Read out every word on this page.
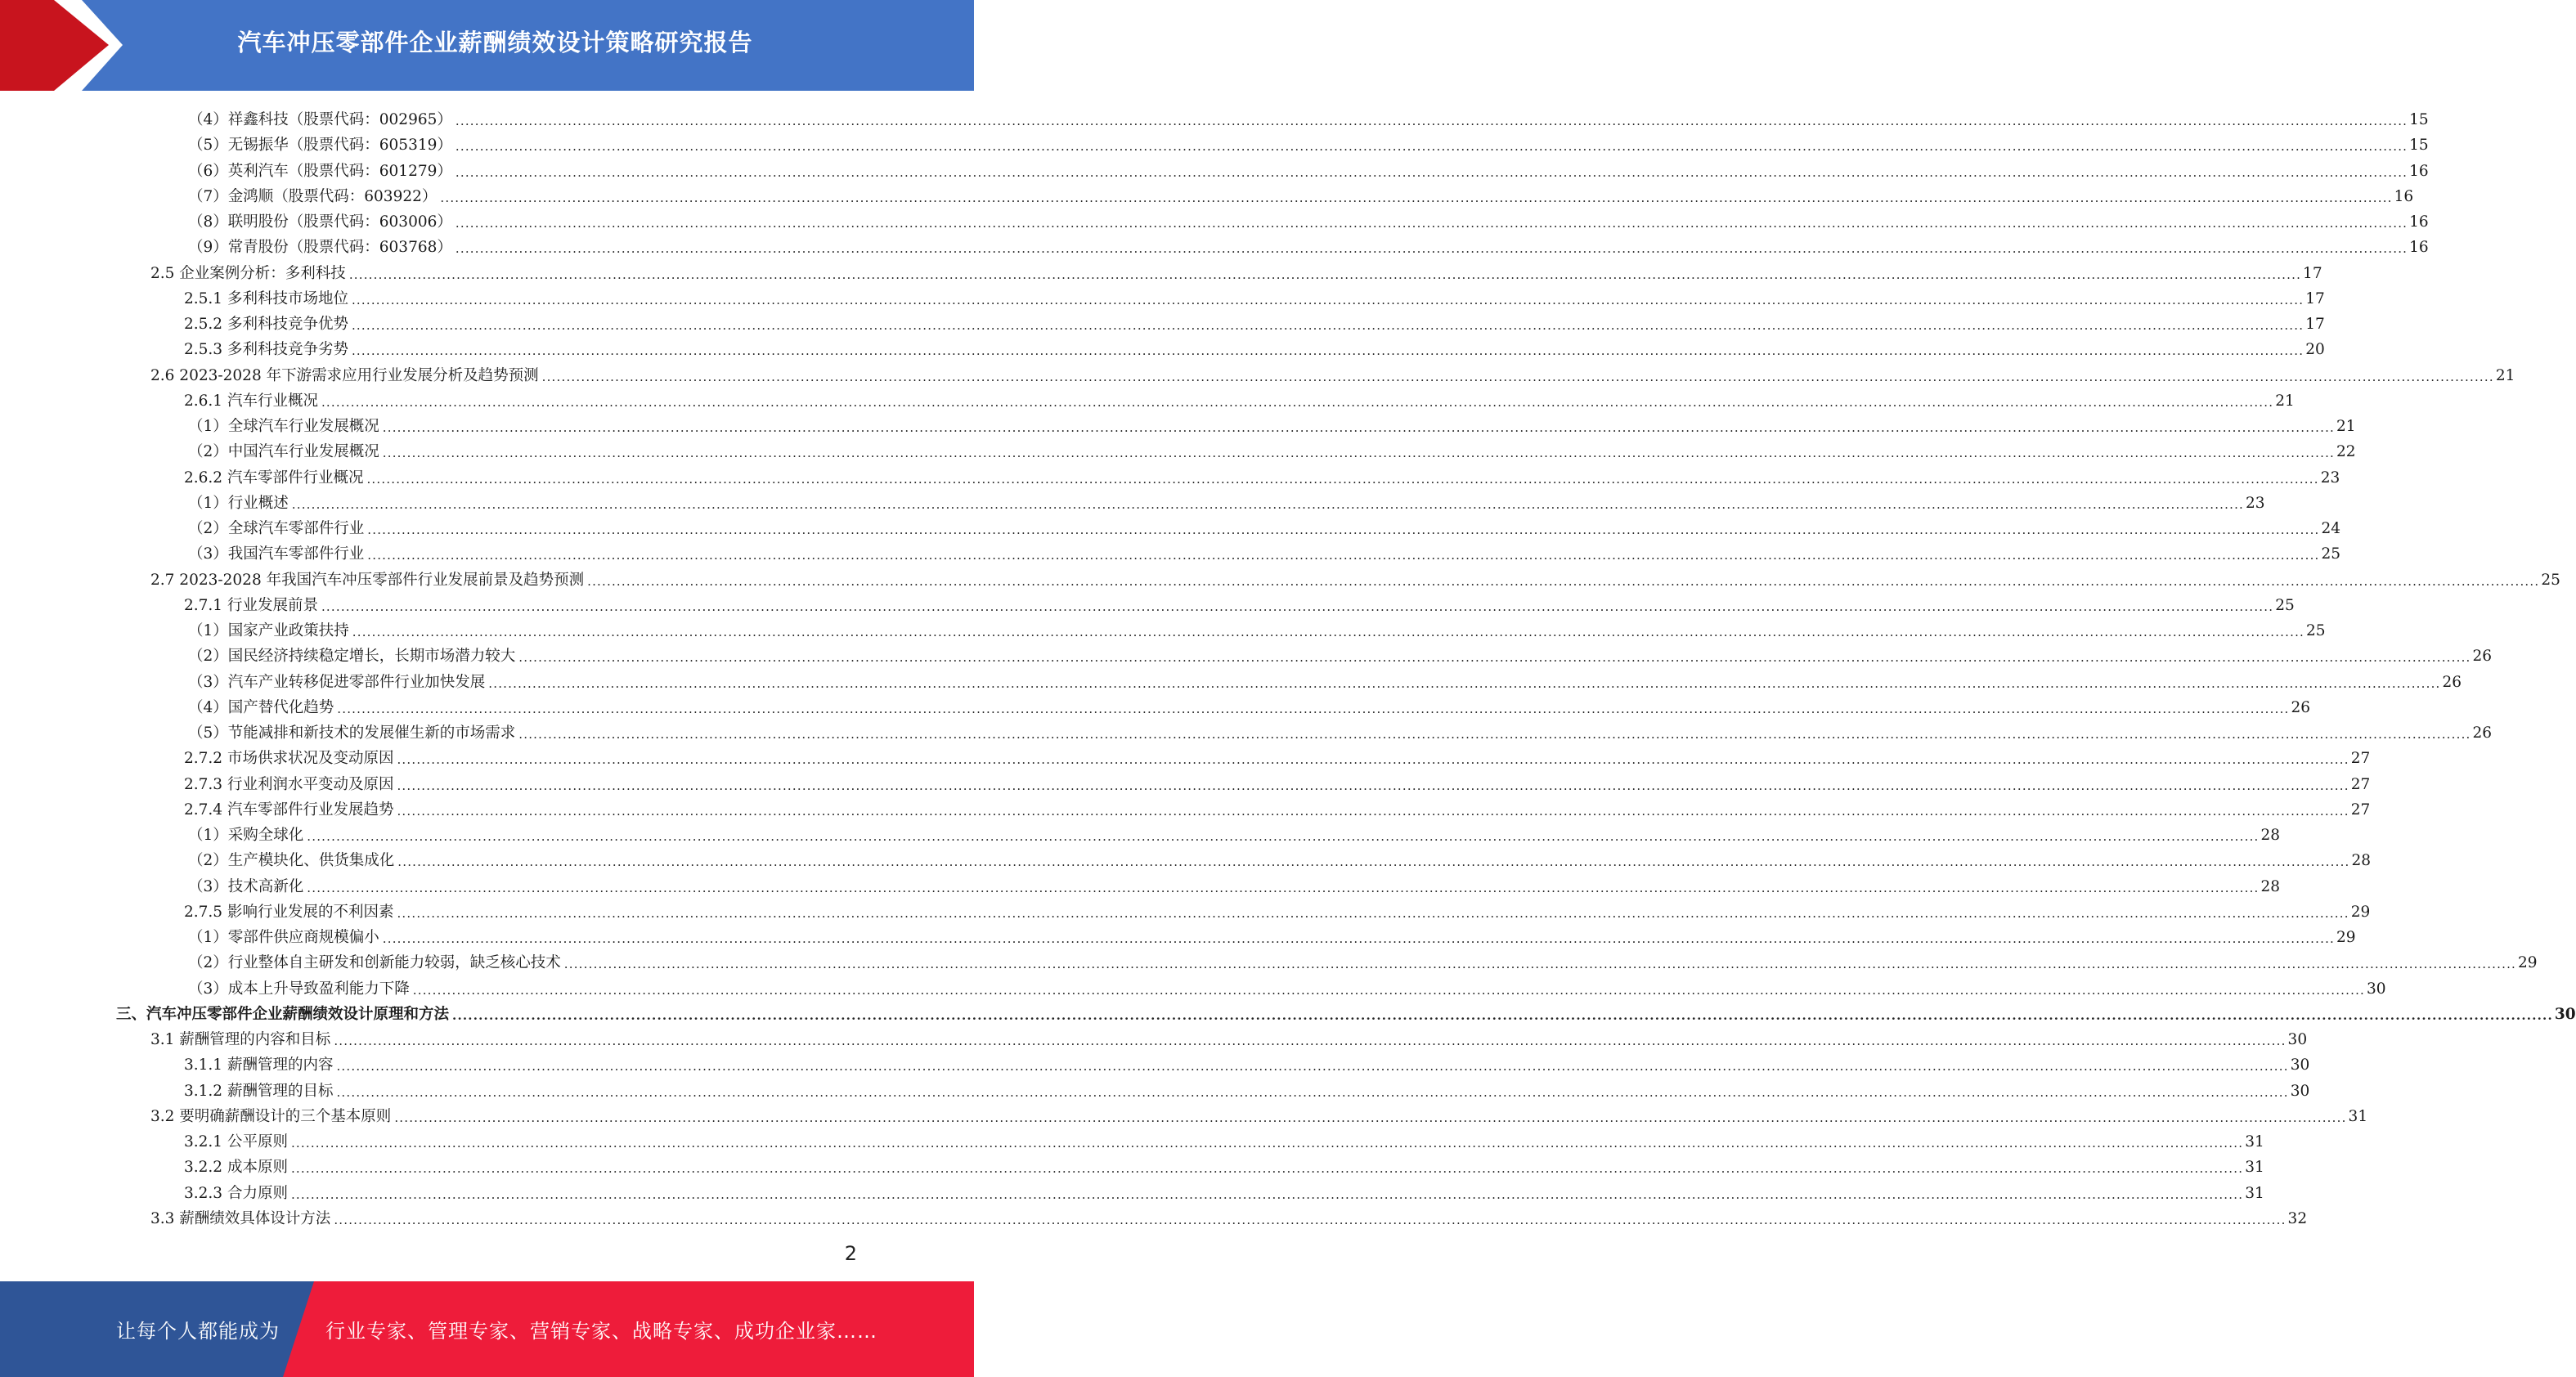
汽车冲压零部件企业薪酬绩效设计策略研究报告
（4）祥鑫科技（股票代码：002965） ................................................................................................................................................................................................................................................................................................................................................................................................................ 15
（5）无锡振华（股票代码：605319） ................................................................................................................................................................................................................................................................................................................................................................................................................ 15
（6）英利汽车（股票代码：601279） ................................................................................................................................................................................................................................................................................................................................................................................................................ 16
（7）金鸿顺（股票代码：603922） ................................................................................................................................................................................................................................................................................................................................................................................................................ 16
（8）联明股份（股票代码：603006） ................................................................................................................................................................................................................................................................................................................................................................................................................ 16
（9）常青股份（股票代码：603768） ................................................................................................................................................................................................................................................................................................................................................................................................................ 16
2.5 企业案例分析：多利科技 ................................................................................................................................................................................................................................................................................................................................................................................................................ 17
2.5.1 多利科技市场地位 ................................................................................................................................................................................................................................................................................................................................................................................................................ 17
2.5.2 多利科技竞争优势 ................................................................................................................................................................................................................................................................................................................................................................................................................ 17
2.5.3 多利科技竞争劣势 ................................................................................................................................................................................................................................................................................................................................................................................................................ 20
2.6 2023-2028 年下游需求应用行业发展分析及趋势预测 ................................................................................................................................................................................................................................................................................................................................................................................................................ 21
2.6.1 汽车行业概况 ................................................................................................................................................................................................................................................................................................................................................................................................................ 21
（1）全球汽车行业发展概况 ................................................................................................................................................................................................................................................................................................................................................................................................................ 21
（2）中国汽车行业发展概况 ................................................................................................................................................................................................................................................................................................................................................................................................................ 22
2.6.2 汽车零部件行业概况 ................................................................................................................................................................................................................................................................................................................................................................................................................ 23
（1）行业概述 ................................................................................................................................................................................................................................................................................................................................................................................................................ 23
（2）全球汽车零部件行业 ................................................................................................................................................................................................................................................................................................................................................................................................................ 24
（3）我国汽车零部件行业 ................................................................................................................................................................................................................................................................................................................................................................................................................ 25
2.7 2023-2028 年我国汽车冲压零部件行业发展前景及趋势预测 ................................................................................................................................................................................................................................................................................................................................................................................................................ 25
2.7.1 行业发展前景 ................................................................................................................................................................................................................................................................................................................................................................................................................ 25
（1）国家产业政策扶持 ................................................................................................................................................................................................................................................................................................................................................................................................................ 25
（2）国民经济持续稳定增长，长期市场潜力较大 ................................................................................................................................................................................................................................................................................................................................................................................................................ 26
（3）汽车产业转移促进零部件行业加快发展 ................................................................................................................................................................................................................................................................................................................................................................................................................ 26
（4）国产替代化趋势 ................................................................................................................................................................................................................................................................................................................................................................................................................ 26
（5）节能减排和新技术的发展催生新的市场需求 ................................................................................................................................................................................................................................................................................................................................................................................................................ 26
2.7.2 市场供求状况及变动原因 ................................................................................................................................................................................................................................................................................................................................................................................................................ 27
2.7.3 行业利润水平变动及原因 ................................................................................................................................................................................................................................................................................................................................................................................................................ 27
2.7.4 汽车零部件行业发展趋势 ................................................................................................................................................................................................................................................................................................................................................................................................................ 27
（1）采购全球化 ................................................................................................................................................................................................................................................................................................................................................................................................................ 28
（2）生产模块化、供货集成化 ................................................................................................................................................................................................................................................................................................................................................................................................................ 28
（3）技术高新化 ................................................................................................................................................................................................................................................................................................................................................................................................................ 28
2.7.5 影响行业发展的不利因素 ................................................................................................................................................................................................................................................................................................................................................................................................................ 29
（1）零部件供应商规模偏小 ................................................................................................................................................................................................................................................................................................................................................................................................................ 29
（2）行业整体自主研发和创新能力较弱，缺乏核心技术 ................................................................................................................................................................................................................................................................................................................................................................................................................ 29
（3）成本上升导致盈利能力下降 ................................................................................................................................................................................................................................................................................................................................................................................................................ 30
三、汽车冲压零部件企业薪酬绩效设计原理和方法 ................................................................................................................................................................................................................................................................................................................................................................................................................ 30
3.1 薪酬管理的内容和目标 ................................................................................................................................................................................................................................................................................................................................................................................................................ 30
3.1.1 薪酬管理的内容 ................................................................................................................................................................................................................................................................................................................................................................................................................ 30
3.1.2 薪酬管理的目标 ................................................................................................................................................................................................................................................................................................................................................................................................................ 30
3.2 要明确薪酬设计的三个基本原则 ................................................................................................................................................................................................................................................................................................................................................................................................................ 31
3.2.1 公平原则 ................................................................................................................................................................................................................................................................................................................................................................................................................ 31
3.2.2 成本原则 ................................................................................................................................................................................................................................................................................................................................................................................................................ 31
3.2.3 合力原则 ................................................................................................................................................................................................................................................................................................................................................................................................................ 31
3.3 薪酬绩效具体设计方法 ................................................................................................................................................................................................................................................................................................................................................................................................................ 32
2
让每个人都能成为 行业专家、管理专家、营销专家、战略专家、成功企业家……
